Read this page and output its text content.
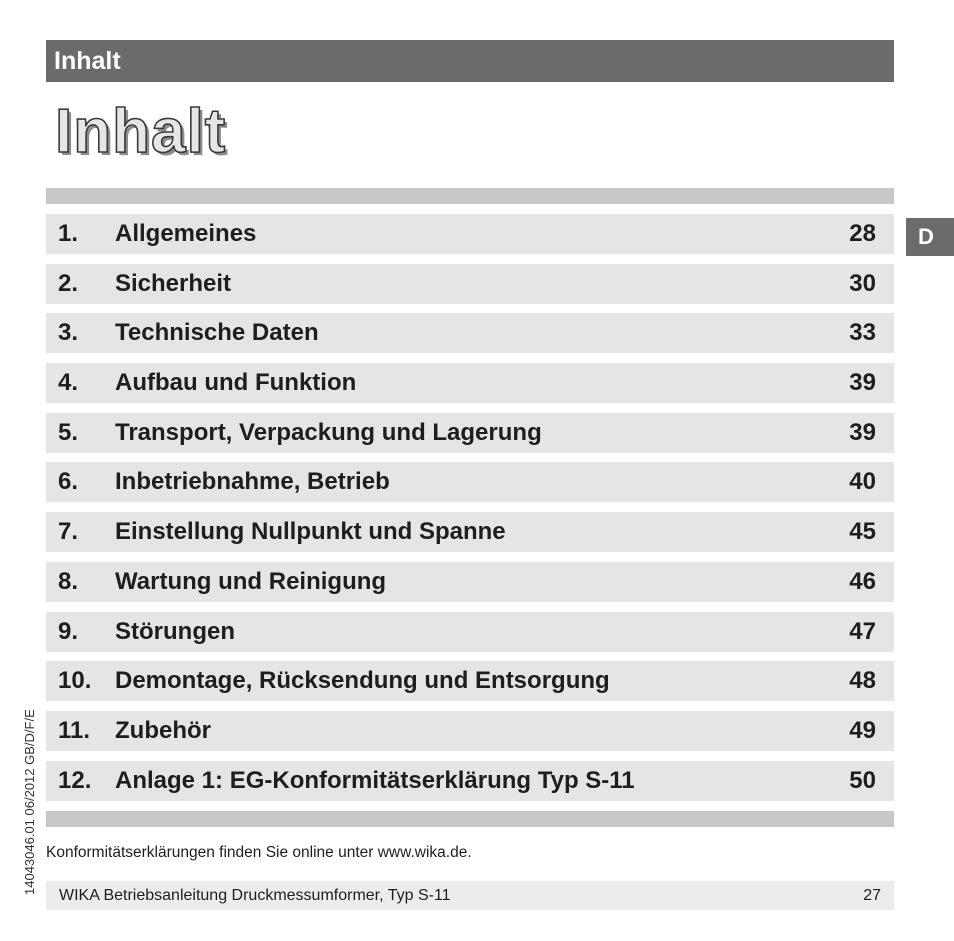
Inhalt
Inhalt
1.	Allgemeines	28
2.	Sicherheit	30
3.	Technische Daten	33
4.	Aufbau und Funktion	39
5.	Transport, Verpackung und Lagerung	39
6.	Inbetriebnahme, Betrieb	40
7.	Einstellung Nullpunkt und Spanne	45
8.	Wartung und Reinigung	46
9.	Störungen	47
10. Demontage, Rücksendung und Entsorgung	48
11.	Zubehör	49
12. Anlage 1: EG-Konformitätserklärung Typ S-11	50
D
14043046.01 06/2012 GB/D/F/E Konformitätserklärungen finden Sie online unter www.wika.de.
WIKA Betriebsanleitung Druckmessumformer, Typ S-11	27
